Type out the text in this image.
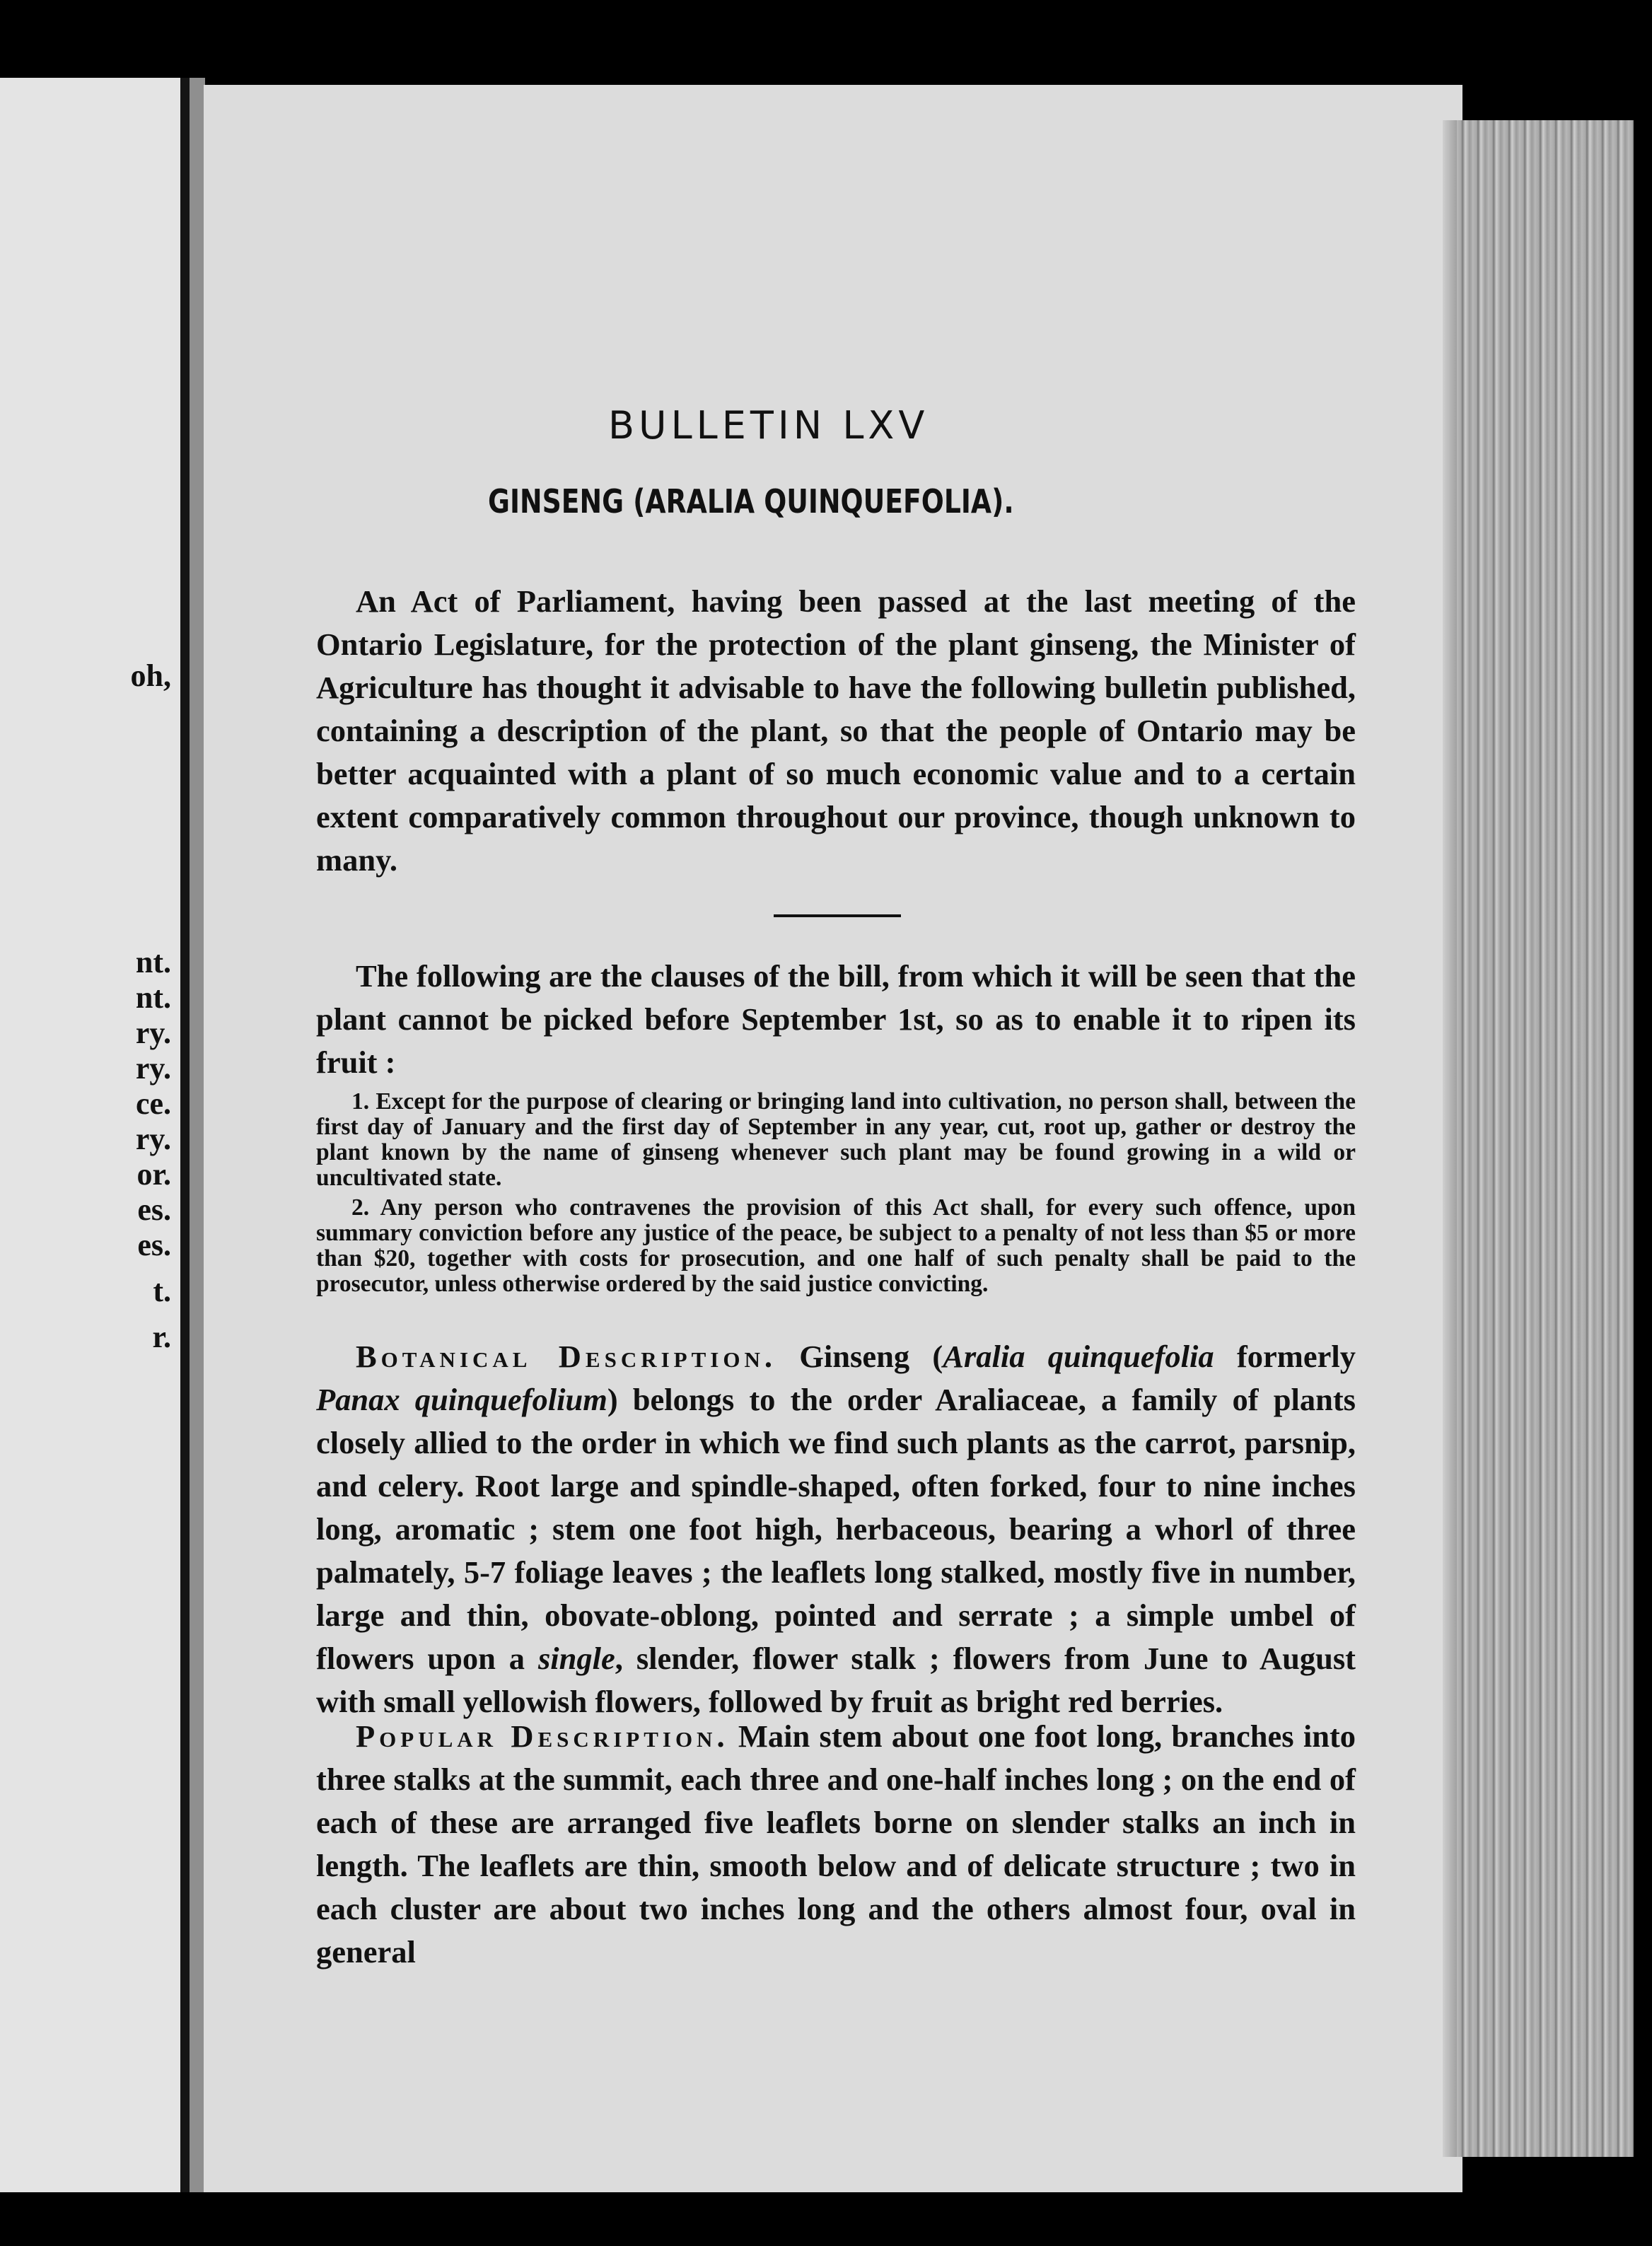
oh,
nt.
nt.
ry.
ry.
ce.
ry.
or.
es.
es.
t.
r.
BULLETIN LXV
GINSENG (ARALIA QUINQUEFOLIA).

An Act of Parliament, having been passed at the last meeting of the Ontario Legislature, for the protection of the plant ginseng, the Minister of Agriculture has thought it advisable to have the following bulletin published, containing a description of the plant, so that the people of Ontario may be better acquainted with a plant of so much economic value and to a certain extent comparatively common throughout our province, though unknown to many.

The following are the clauses of the bill, from which it will be seen that the plant cannot be picked before September 1st, so as to enable it to ripen its fruit :

1. Except for the purpose of clearing or bringing land into cultivation, no person shall, between the first day of January and the first day of September in any year, cut, root up, gather or destroy the plant known by the name of ginseng whenever such plant may be found growing in a wild or uncultivated state.

2. Any person who contravenes the provision of this Act shall, for every such offence, upon summary conviction before any justice of the peace, be subject to a penalty of not less than $5 or more than $20, together with costs for prosecution, and one half of such penalty shall be paid to the prosecutor, unless otherwise ordered by the said justice convicting.

Botanical Description. Ginseng (Aralia quinquefolia formerly Panax quinquefolium) belongs to the order Araliaceae, a family of plants closely allied to the order in which we find such plants as the carrot, parsnip, and celery. Root large and spindle-shaped, often forked, four to nine inches long, aromatic ; stem one foot high, herbaceous, bearing a whorl of three palmately, 5-7 foliage leaves ; the leaflets long stalked, mostly five in number, large and thin, obovate-oblong, pointed and serrate ; a simple umbel of flowers upon a single, slender, flower stalk ; flowers from June to August with small yellowish flowers, followed by fruit as bright red berries.

Popular Description. Main stem about one foot long, branches into three stalks at the summit, each three and one-half inches long ; on the end of each of these are arranged five leaflets borne on slender stalks an inch in length. The leaflets are thin, smooth below and of delicate structure ; two in each cluster are about two inches long and the others almost four, oval in general
